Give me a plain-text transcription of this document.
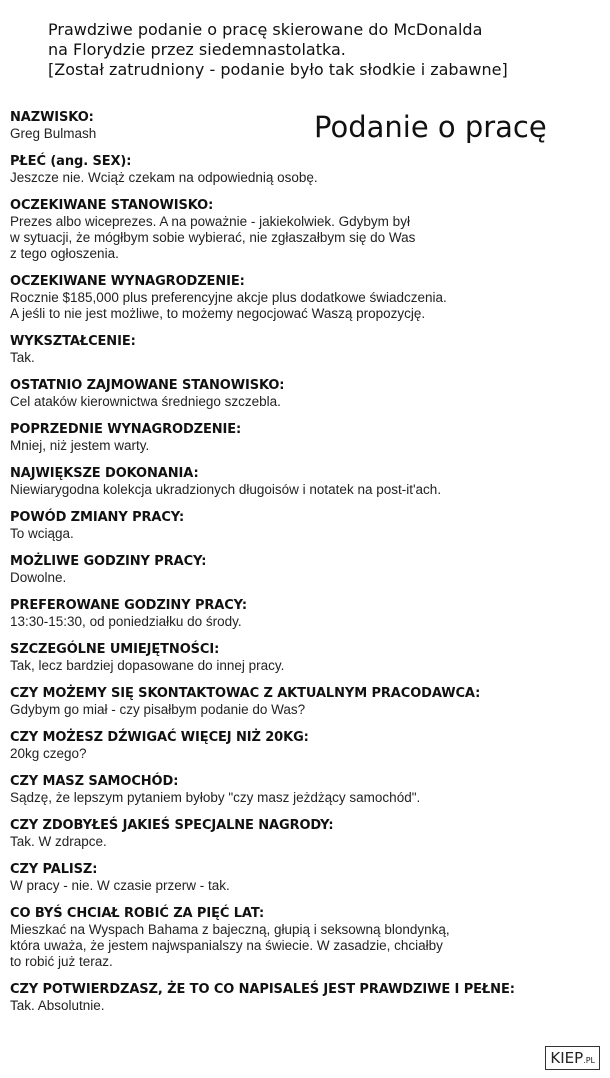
Prawdziwe podanie o pracę skierowane do McDonalda
na Florydzie przez siedemnastolatka.
[Został zatrudniony - podanie było tak słodkie i zabawne]
Podanie o pracę
NAZWISKO:
Greg Bulmash
PŁEĆ (ang. SEX):
Jeszcze nie. Wciąż czekam na odpowiednią osobę.
OCZEKIWANE STANOWISKO:
Prezes albo wiceprezes. A na poważnie - jakiekolwiek. Gdybym był
w sytuacji, że mógłbym sobie wybierać, nie zgłaszałbym się do Was
z tego ogłoszenia.
OCZEKIWANE WYNAGRODZENIE:
Rocznie $185,000 plus preferencyjne akcje plus dodatkowe świadczenia.
A jeśli to nie jest możliwe, to możemy negocjować Waszą propozycję.
WYKSZTAŁCENIE:
Tak.
OSTATNIO ZAJMOWANE STANOWISKO:
Cel ataków kierownictwa średniego szczebla.
POPRZEDNIE WYNAGRODZENIE:
Mniej, niż jestem warty.
NAJWIĘKSZE DOKONANIA:
Niewiarygodna kolekcja ukradzionych długoisów i notatek na post-it'ach.
POWÓD ZMIANY PRACY:
To wciąga.
MOŻLIWE GODZINY PRACY:
Dowolne.
PREFEROWANE GODZINY PRACY:
13:30-15:30, od poniedziałku do środy.
SZCZEGÓLNE UMIEJĘTNOŚCI:
Tak, lecz bardziej dopasowane do innej pracy.
CZY MOŻEMY SIĘ SKONTAKTOWAC Z AKTUALNYM PRACODAWCA:
Gdybym go miał - czy pisałbym podanie do Was?
CZY MOŻESZ DŹWIGAĆ WIĘCEJ NIŻ 20KG:
20kg czego?
CZY MASZ SAMOCHÓD:
Sądzę, że lepszym pytaniem byłoby "czy masz jeżdżący samochód".
CZY ZDOBYŁEŚ JAKIEŚ SPECJALNE NAGRODY:
Tak. W zdrapce.
CZY PALISZ:
W pracy - nie. W czasie przerw - tak.
CO BYŚ CHCIAŁ ROBIĆ ZA PIĘĆ LAT:
Mieszkać na Wyspach Bahama z bajeczną, głupią i seksowną blondynką,
która uważa, że jestem najwspanialszy na świecie. W zasadzie, chciałby
to robić już teraz.
CZY POTWIERDZASZ, ŻE TO CO NAPISALEŚ JEST PRAWDZIWE I PEŁNE:
Tak. Absolutnie.
KIEP.PL
